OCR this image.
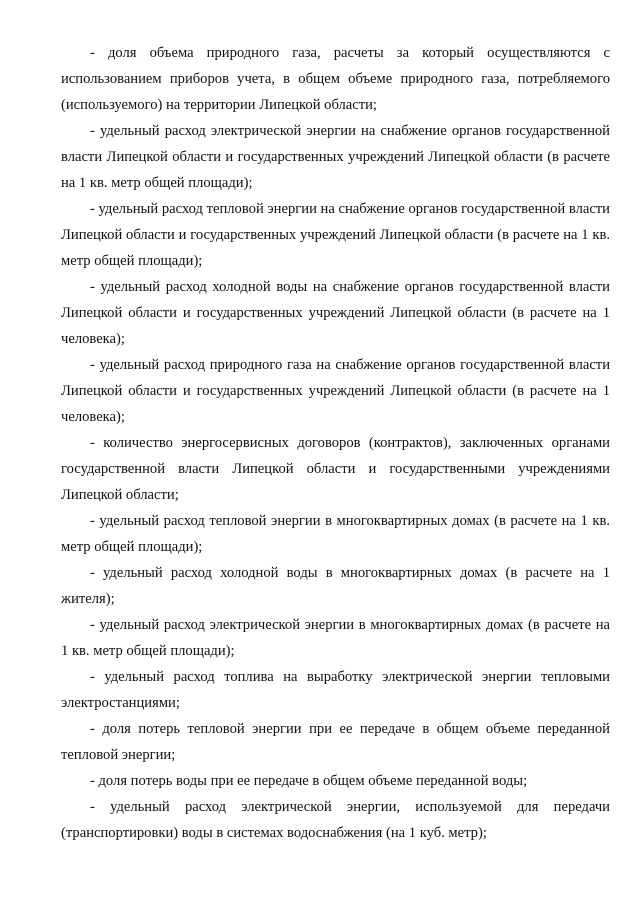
- доля объема природного газа, расчеты за который осуществляются с использованием приборов учета, в общем объеме природного газа, потребляемого (используемого) на территории Липецкой области;

- удельный расход электрической энергии на снабжение органов государственной власти Липецкой области и государственных учреждений Липецкой области (в расчете на 1 кв. метр общей площади);

- удельный расход тепловой энергии на снабжение органов государственной власти Липецкой области и государственных учреждений Липецкой области (в расчете на 1 кв. метр общей площади);

- удельный расход холодной воды на снабжение органов государственной власти Липецкой области и государственных учреждений Липецкой области (в расчете на 1 человека);

- удельный расход природного газа на снабжение органов государственной власти Липецкой области и государственных учреждений Липецкой области (в расчете на 1 человека);

- количество энергосервисных договоров (контрактов), заключенных органами государственной власти Липецкой области и государственными учреждениями Липецкой области;

- удельный расход тепловой энергии в многоквартирных домах (в расчете на 1 кв. метр общей площади);

- удельный расход холодной воды в многоквартирных домах (в расчете на 1 жителя);

- удельный расход электрической энергии в многоквартирных домах (в расчете на 1 кв. метр общей площади);

- удельный расход топлива на выработку электрической энергии тепловыми электростанциями;

- доля потерь тепловой энергии при ее передаче в общем объеме переданной тепловой энергии;

- доля потерь воды при ее передаче в общем объеме переданной воды;

- удельный расход электрической энергии, используемой для передачи (транспортировки) воды в системах водоснабжения (на 1 куб. метр);
